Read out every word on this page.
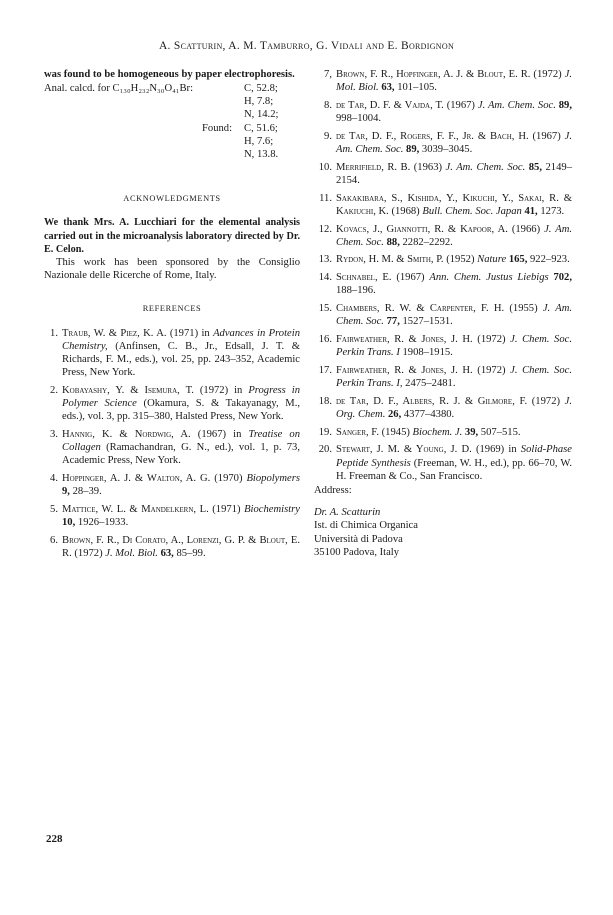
A. Scatturin, A. M. Tamburro, G. Vidali and E. Bordignon

was found to be homogeneous by paper electrophoresis.

Anal. calcd. for C₁₃₀H₂₃₂N₃₀O₄₁Br:	C, 52.8;
H, 7.8;
N, 14.2;
Found: C, 51.6;
H, 7.6;
N, 13.8.
ACKNOWLEDGMENTS

We thank Mrs. A. Lucchiari for the elemental analysis carried out in the microanalysis laboratory directed by Dr. E. Celon.

This work has been sponsored by the Consiglio Nazionale delle Ricerche of Rome, Italy.

REFERENCES
1. Traub, W. & Piez, K. A. (1971) in Advances in Protein Chemistry, (Anfinsen, C. B., Jr., Edsall, J. T. & Richards, F. M., eds.), vol. 25, pp. 243–352, Academic Press, New York.
2. Kobayashy, Y. & Isemura, T. (1972) in Progress in Polymer Science (Okamura, S. & Takayanagy, M., eds.), vol. 3, pp. 315–380, Halsted Press, New York.
3. Hannig, K. & Nordwig, A. (1967) in Treatise on Collagen (Ramachandran, G. N., ed.), vol. 1, p. 73, Academic Press, New York.
4. Hoppinger, A. J. & Walton, A. G. (1970) Biopolymers 9, 28–39.
5. Mattice, W. L. & Mandelkern, L. (1971) Biochemistry 10, 1926–1933.
6. Brown, F. R., Di Corato, A., Lorenzi, G. P. & Blout, E. R. (1972) J. Mol. Biol. 63, 85–99.
7, Brown, F. R., Hopfinger, A. J. & Blout, E. R. (1972) J. Mol. Biol. 63, 101–105.
8. de Tar, D. F. & Vajda, T. (1967) J. Am. Chem. Soc. 89, 998–1004.
9. de Tar, D. F., Rogers, F. F., Jr. & Bach, H. (1967) J. Am. Chem. Soc. 89, 3039–3045.
10. Merrifield, R. B. (1963) J. Am. Chem. Soc. 85, 2149–2154.
11. Sakakibara, S., Kishida, Y., Kikuchi, Y., Sakai, R. & Kakiuchi, K. (1968) Bull. Chem. Soc. Japan 41, 1273.
12. Kovacs, J., Giannotti, R. & Kapoor, A. (1966) J. Am. Chem. Soc. 88, 2282–2292.
13. Rydon, H. M. & Smith, P. (1952) Nature 165, 922–923.
14. Schnabel, E. (1967) Ann. Chem. Justus Liebigs 702, 188–196.
15. Chambers, R. W. & Carpenter, F. H. (1955) J. Am. Chem. Soc. 77, 1527–1531.
16. Fairweather, R. & Jones, J. H. (1972) J. Chem. Soc. Perkin Trans. I 1908–1915.
17. Fairweather, R. & Jones, J. H. (1972) J. Chem. Soc. Perkin Trans. I, 2475–2481.
18. de Tar, D. F., Albers, R. J. & Gilmore, F. (1972) J. Org. Chem. 26, 4377–4380.
19. Sanger, F. (1945) Biochem. J. 39, 507–515.
20. Stewart, J. M. & Young, J. D. (1969) in Solid-Phase Peptide Synthesis (Freeman, W. H., ed.), pp. 66–70, W. H. Freeman & Co., San Francisco.
Address:
Dr. A. Scatturin
Ist. di Chimica Organica
Università di Padova
35100 Padova, Italy
228
